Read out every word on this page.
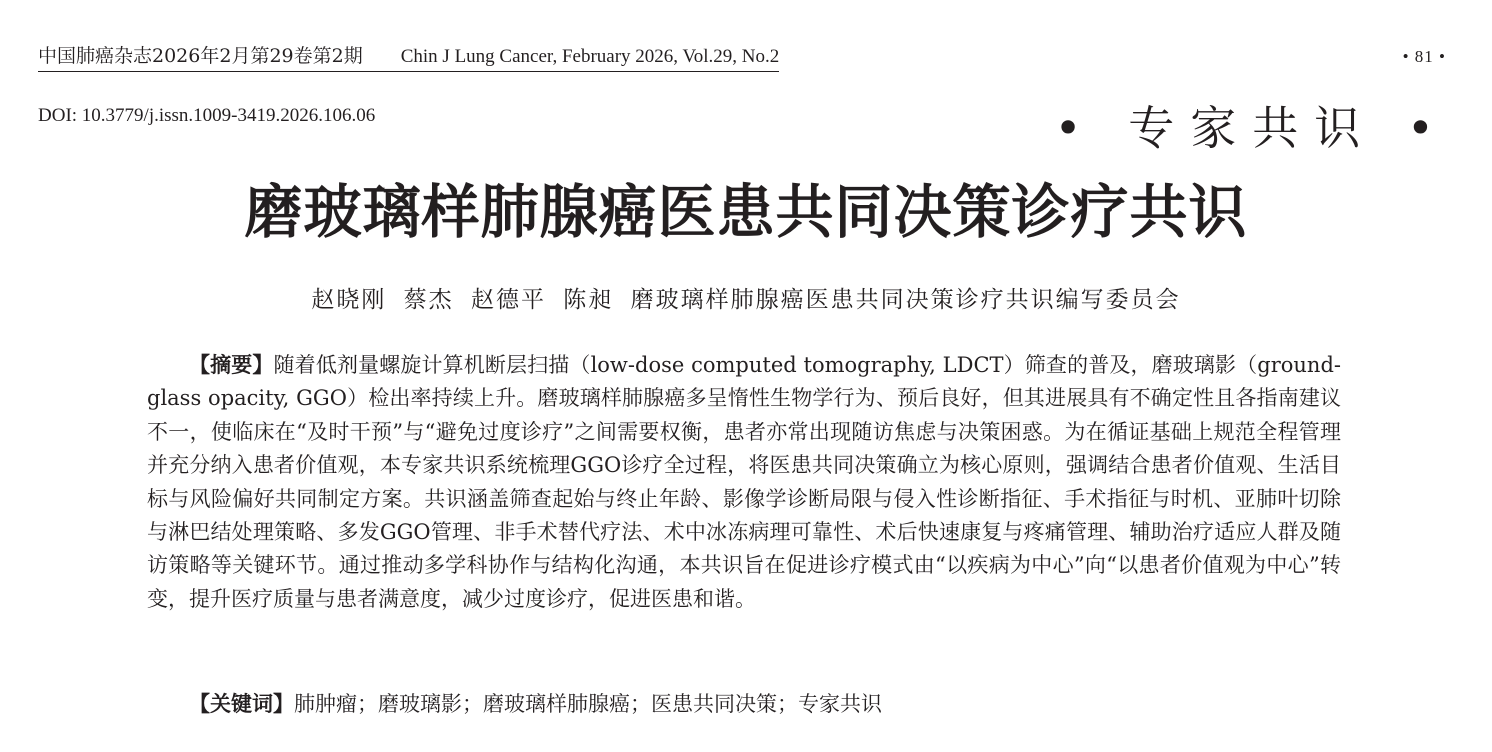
中国肺癌杂志2026年2月第29卷第2期 Chin J Lung Cancer, February 2026, Vol.29, No.2	• 81 •
DOI: 10.3779/j.issn.1009-3419.2026.106.06	• 专家共识 •
磨玻璃样肺腺癌医患共同决策诊疗共识
赵晓刚 蔡杰 赵德平 陈昶 磨玻璃样肺腺癌医患共同决策诊疗共识编写委员会

【摘要】随着低剂量螺旋计算机断层扫描（low-dose computed tomography, LDCT）筛查的普及，磨玻璃影（ground-glass opacity, GGO）检出率持续上升。磨玻璃样肺腺癌多呈惰性生物学行为、预后良好，但其进展具有不确定性且各指南建议不一，使临床在“及时干预”与“避免过度诊疗”之间需要权衡，患者亦常出现随访焦虑与决策困惑。为在循证基础上规范全程管理并充分纳入患者价值观，本专家共识系统梳理GGO诊疗全过程，将医患共同决策确立为核心原则，强调结合患者价值观、生活目标与风险偏好共同制定方案。共识涵盖筛查起始与终止年龄、影像学诊断局限与侵入性诊断指征、手术指征与时机、亚肺叶切除与淋巴结处理策略、多发GGO管理、非手术替代疗法、术中冰冻病理可靠性、术后快速康复与疼痛管理、辅助治疗适应人群及随访策略等关键环节。通过推动多学科协作与结构化沟通，本共识旨在促进诊疗模式由“以疾病为中心”向“以患者价值观为中心”转变，提升医疗质量与患者满意度，减少过度诊疗，促进医患和谐。

【关键词】肺肿瘤；磨玻璃影；磨玻璃样肺腺癌；医患共同决策；专家共识
